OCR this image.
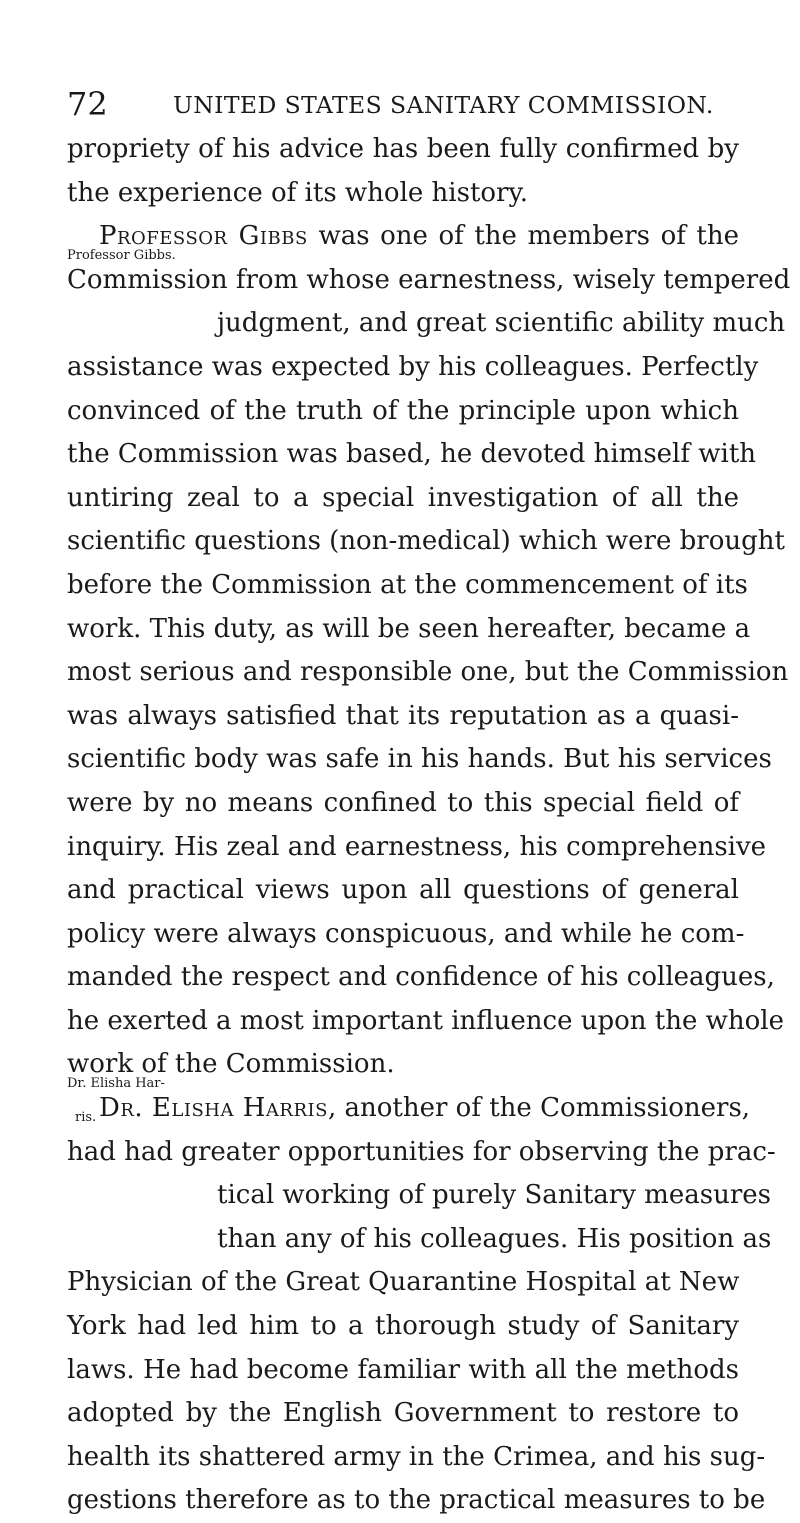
72	UNITED STATES SANITARY COMMISSION.
Professor Gibbs.
Dr. Elisha Har-
ris.
propriety of his advice has been fully confirmed by
the experience of its whole history.
Professor Gibbs was one of the members of the
Commission from whose earnestness, wisely tempered
judgment, and great scientific ability much
assistance was expected by his colleagues. Perfectly
convinced of the truth of the principle upon which
the Commission was based, he devoted himself with
untiring zeal to a special investigation of all the
scientific questions (non-medical) which were brought
before the Commission at the commencement of its
work. This duty, as will be seen hereafter, became a
most serious and responsible one, but the Commission
was always satisfied that its reputation as a quasi-
scientific body was safe in his hands. But his services
were by no means confined to this special field of
inquiry. His zeal and earnestness, his comprehensive
and practical views upon all questions of general
policy were always conspicuous, and while he com-
manded the respect and confidence of his colleagues,
he exerted a most important influence upon the whole
work of the Commission.
Dr. Elisha Harris, another of the Commissioners,
had had greater opportunities for observing the prac-
tical working of purely Sanitary measures
than any of his colleagues. His position as
Physician of the Great Quarantine Hospital at New
York had led him to a thorough study of Sanitary
laws. He had become familiar with all the methods
adopted by the English Government to restore to
health its shattered army in the Crimea, and his sug-
gestions therefore as to the practical measures to be
